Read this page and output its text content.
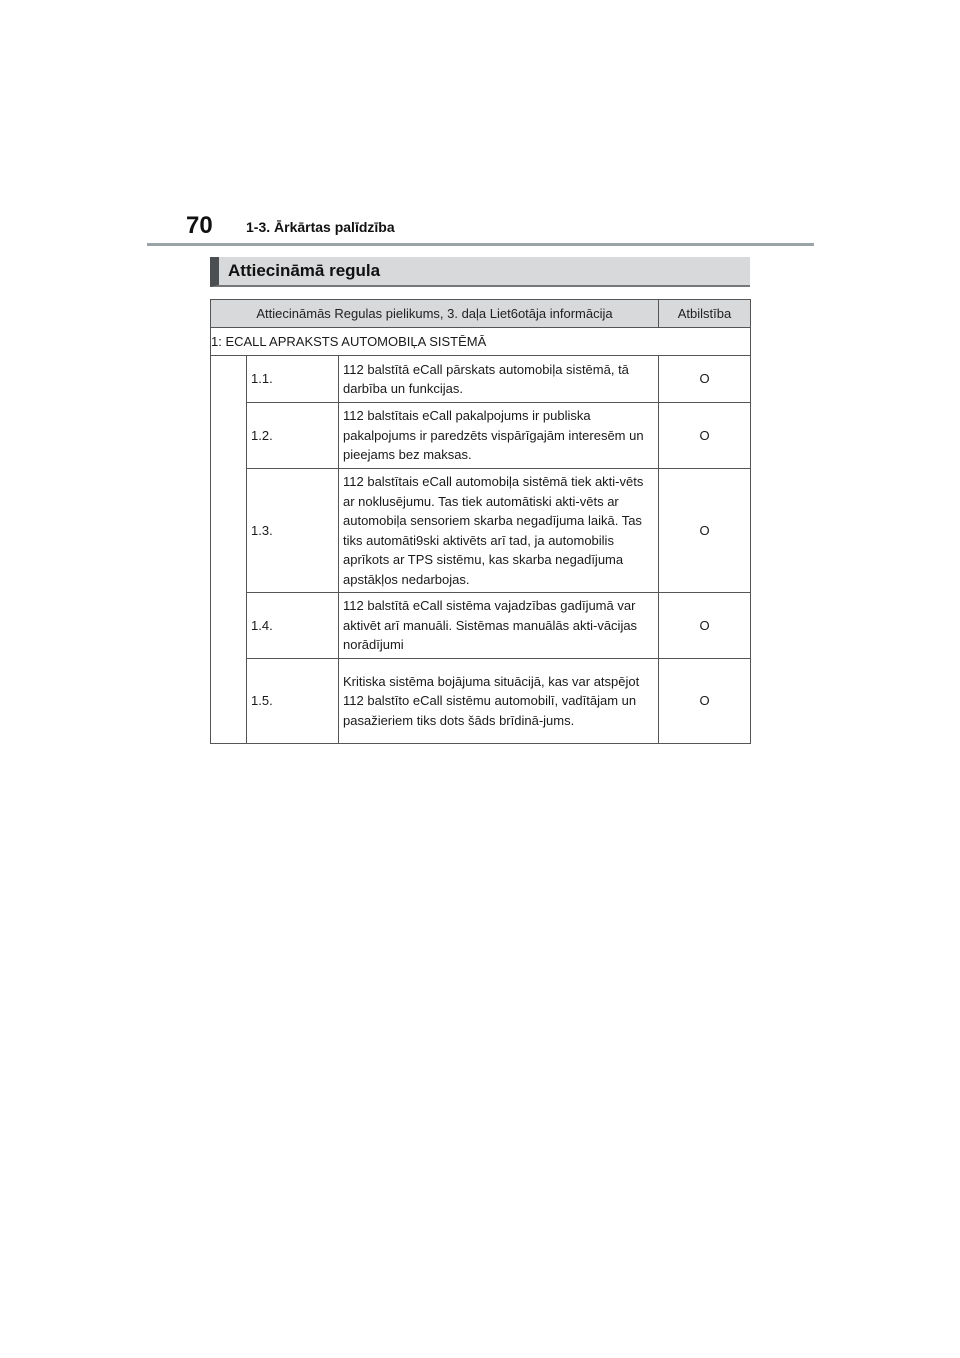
70 1-3. Ārkārtas palīdzība
Attiecināmā regula
Attiecināmās Regulas pielikums, 3. daļa Liet6otāja informācija			Atbilstība
1: ECALL APRAKSTS AUTOMOBIĻA SISTĒMĀ			
	1.1.	112 balstītā eCall pārskats automobiļa sistēmā, tā darbība un funkcijas.	O
	1.2.	112 balstītais eCall pakalpojums ir publiska pakalpojums ir paredzēts vispārīgajām interesēm un pieejams bez maksas.	O
	1.3.	112 balstītais eCall automobiļa sistēmā tiek akti-vēts ar noklusējumu. Tas tiek automātiski akti-vēts ar automobiļa sensoriem skarba negadījuma laikā. Tas tiks automāti9ski aktivēts arī tad, ja automobilis aprīkots ar TPS sistēmu, kas skarba negadījuma apstākļos nedarbojas.	O
	1.4.	112 balstītā eCall sistēma vajadzības gadījumā var aktivēt arī manuāli. Sistēmas manuālās akti-vācijas norādījumi	O
	1.5.	Kritiska sistēma bojājuma situācijā, kas var atspējot 112 balstīto eCall sistēmu automobilī, vadītājam un pasažieriem tiks dots šāds brīdinā-jums.	O
